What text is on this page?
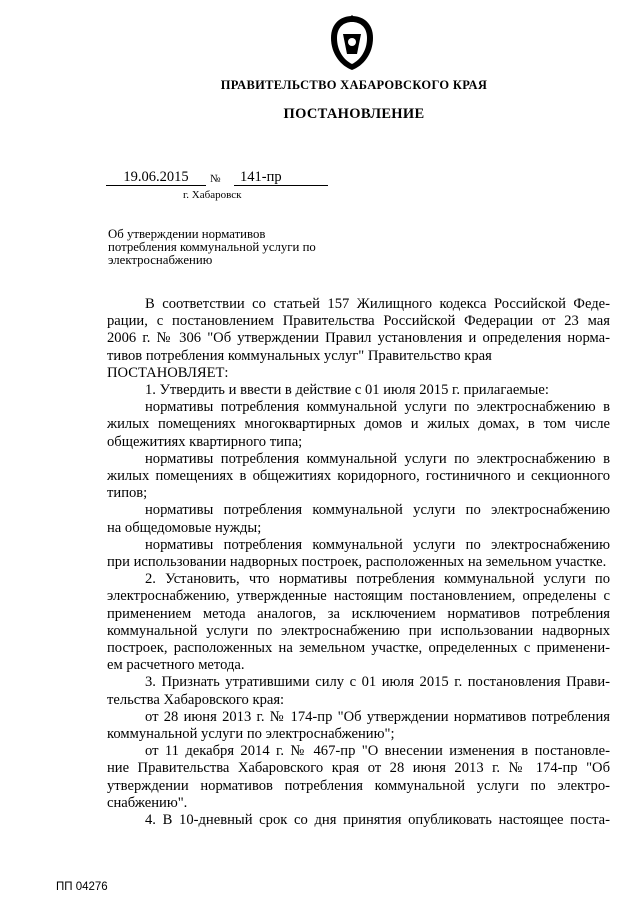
ПРАВИТЕЛЬСТВО ХАБАРОВСКОГО КРАЯ
ПОСТАНОВЛЕНИЕ
19.06.2015	№	141-пр
г. Хабаровск
Об утверждении нормативов потребления коммунальной услуги по электроснабжению

В соответствии со статьей 157 Жилищного кодекса Российской Феде-

рации, с постановлением Правительства Российской Федерации от 23 мая

2006 г. № 306 "Об утверждении Правил установления и определения норма-

тивов потребления коммунальных услуг" Правительство края

ПОСТАНОВЛЯЕТ:

1. Утвердить и ввести в действие с 01 июля 2015 г. прилагаемые:

нормативы потребления коммунальной услуги по электроснабжению в

жилых помещениях многоквартирных домов и жилых домах, в том числе

общежитиях квартирного типа;

нормативы потребления коммунальной услуги по электроснабжению в

жилых помещениях в общежитиях коридорного, гостиничного и секционного

типов;

нормативы потребления коммунальной услуги по электроснабжению

на общедомовые нужды;

нормативы потребления коммунальной услуги по электроснабжению

при использовании надворных построек, расположенных на земельном участке.

2. Установить, что нормативы потребления коммунальной услуги по

электроснабжению, утвержденные настоящим постановлением, определены с

применением метода аналогов, за исключением нормативов потребления

коммунальной услуги по электроснабжению при использовании надворных

построек, расположенных на земельном участке, определенных с применени-

ем расчетного метода.

3. Признать утратившими силу с 01 июля 2015 г. постановления Прави-

тельства Хабаровского края:

от 28 июня 2013 г. № 174-пр "Об утверждении нормативов потребления

коммунальной услуги по электроснабжению";

от 11 декабря 2014 г. № 467-пр "О внесении изменения в постановле-

ние Правительства Хабаровского края от 28 июня 2013 г. № 174-пр "Об

утверждении нормативов потребления коммунальной услуги по электро-

снабжению".

4. В 10-дневный срок со дня принятия опубликовать настоящее поста-

ПП 04276
